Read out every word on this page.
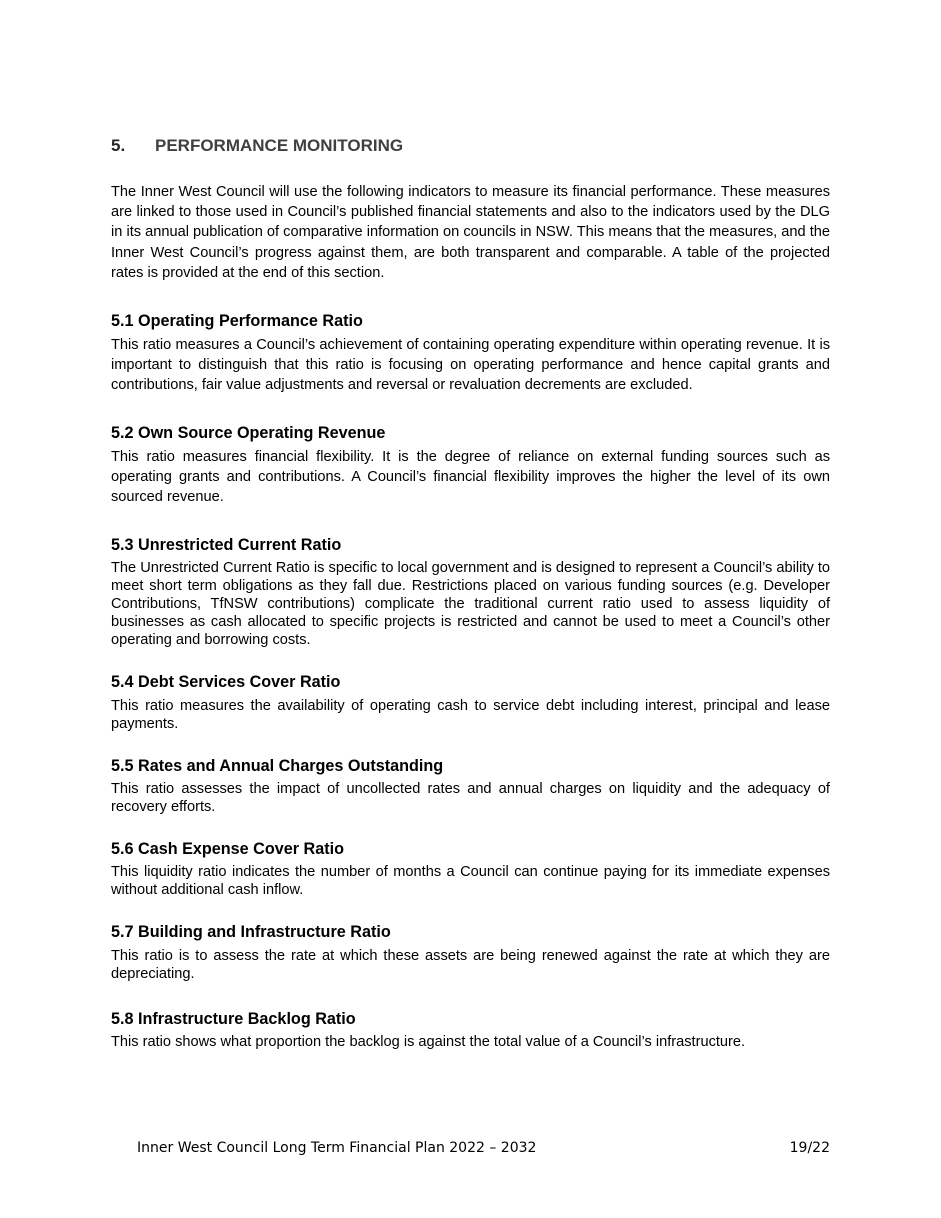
5. PERFORMANCE MONITORING

The Inner West Council will use the following indicators to measure its financial performance. These measures are linked to those used in Council’s published financial statements and also to the indicators used by the DLG in its annual publication of comparative information on councils in NSW. This means that the measures, and the Inner West Council’s progress against them, are both transparent and comparable. A table of the projected rates is provided at the end of this section.

5.1 Operating Performance Ratio

This ratio measures a Council’s achievement of containing operating expenditure within operating revenue. It is important to distinguish that this ratio is focusing on operating performance and hence capital grants and contributions, fair value adjustments and reversal or revaluation decrements are excluded.

5.2 Own Source Operating Revenue

This ratio measures financial flexibility. It is the degree of reliance on external funding sources such as operating grants and contributions. A Council’s financial flexibility improves the higher the level of its own sourced revenue.

5.3 Unrestricted Current Ratio

The Unrestricted Current Ratio is specific to local government and is designed to represent a Council’s ability to meet short term obligations as they fall due. Restrictions placed on various funding sources (e.g. Developer Contributions, TfNSW contributions) complicate the traditional current ratio used to assess liquidity of businesses as cash allocated to specific projects is restricted and cannot be used to meet a Council’s other operating and borrowing costs.

5.4 Debt Services Cover Ratio

This ratio measures the availability of operating cash to service debt including interest, principal and lease payments.

5.5 Rates and Annual Charges Outstanding

This ratio assesses the impact of uncollected rates and annual charges on liquidity and the adequacy of recovery efforts.

5.6 Cash Expense Cover Ratio

This liquidity ratio indicates the number of months a Council can continue paying for its immediate expenses without additional cash inflow.

5.7 Building and Infrastructure Ratio

This ratio is to assess the rate at which these assets are being renewed against the rate at which they are depreciating.

5.8 Infrastructure Backlog Ratio

This ratio shows what proportion the backlog is against the total value of a Council’s infrastructure.

Inner West Council Long Term Financial Plan 2022 – 2032	19/22
